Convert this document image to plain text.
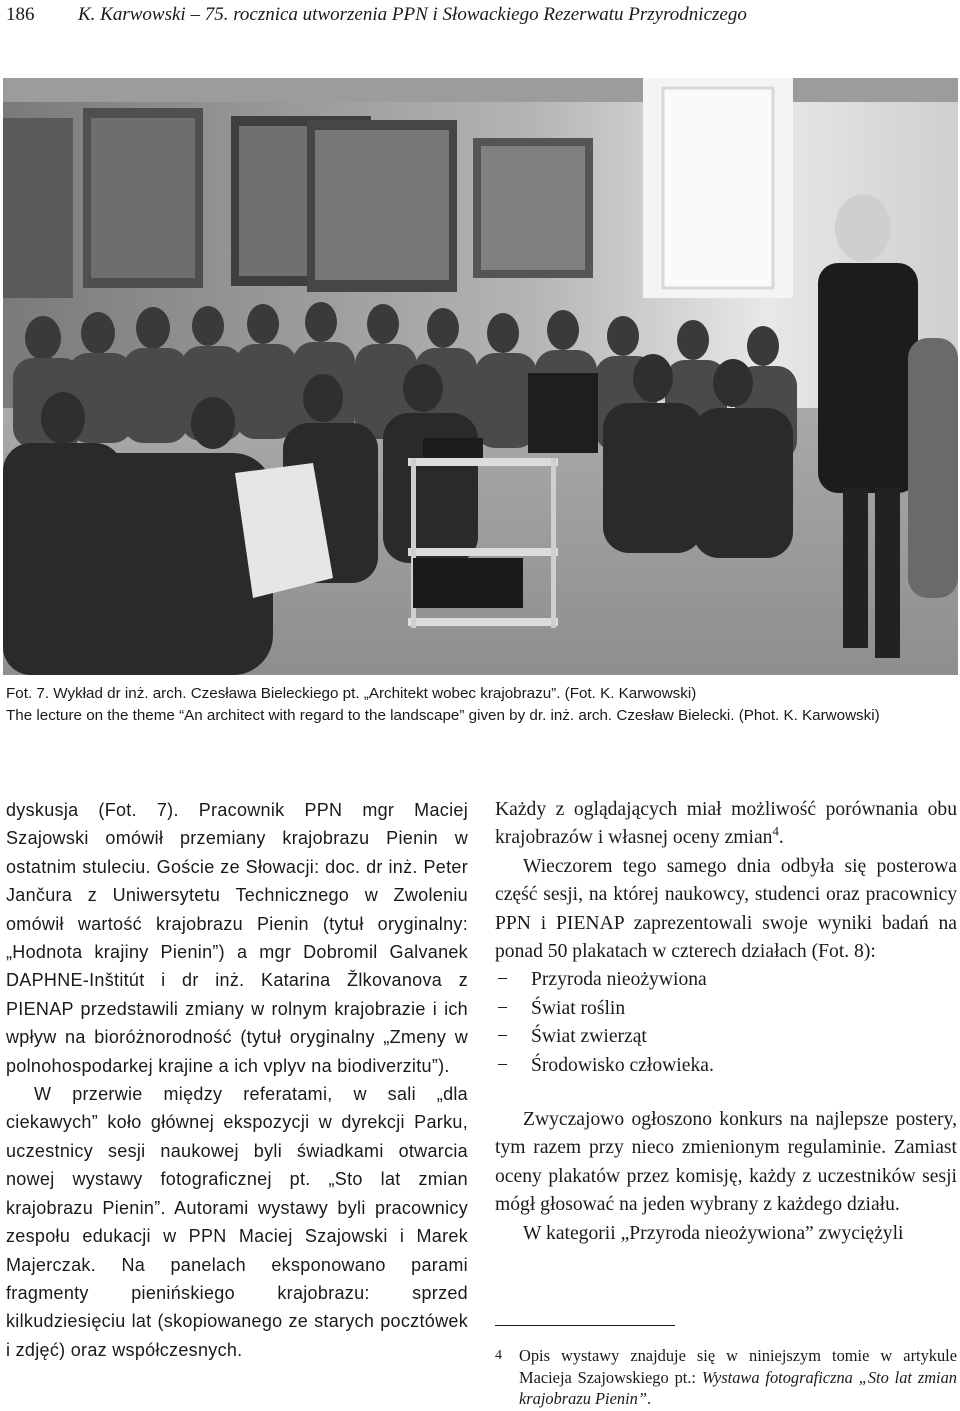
186 K. Karwowski – 75. rocznica utworzenia PPN i Słowackiego Rezerwatu Przyrodniczego

Fot. 7. Wykład dr inż. arch. Czesława Bieleckiego pt. „Architekt wobec krajobrazu”. (Fot. K. Karwowski)

The lecture on the theme “An architect with regard to the landscape” given by dr. inż. arch. Czesław Bielecki. (Phot. K. Karwowski)

dyskusja (Fot. 7). Pracownik PPN mgr Maciej Szajowski omówił przemiany krajobrazu Pienin w ostatnim stuleciu. Goście ze Słowacji: doc. dr inż. Peter Jančura z Uniwersytetu Technicznego w Zwoleniu omówił wartość krajobrazu Pienin (tytuł oryginalny: „Hodnota krajiny Pienin”) a mgr Dobromil Galvanek DAPHNE-Inštitút i dr inż. Katarina Žlkovanova z PIENAP przedstawili zmiany w rolnym krajobrazie i ich wpływ na bioróżnorodność (tytuł oryginalny „Zmeny w polnohospodarkej krajine a ich vplyv na biodiverzitu”).

W przerwie między referatami, w sali „dla ciekawych” koło głównej ekspozycji w dyrekcji Parku, uczestnicy sesji naukowej byli świadkami otwarcia nowej wystawy fotograficznej pt. „Sto lat zmian krajobrazu Pienin”. Autorami wystawy byli pracownicy zespołu edukacji w PPN Maciej Szajowski i Marek Majerczak. Na panelach eksponowano parami fragmenty pienińskiego krajobrazu: sprzed kilkudziesięciu lat (skopiowanego ze starych pocztówek i zdjęć) oraz współczesnych.

Każdy z oglądających miał możliwość porównania obu krajobrazów i własnej oceny zmian$^4$.

Wieczorem tego samego dnia odbyła się posterowa część sesji, na której naukowcy, studenci oraz pracownicy PPN i PIENAP zaprezentowali swoje wyniki badań na ponad 50 plakatach w czterech działach (Fot. 8):

− Przyroda nieożywiona
− Świat roślin
− Świat zwierząt
− Środowisko człowieka.

Zwyczajowo ogłoszono konkurs na najlepsze postery, tym razem przy nieco zmienionym regulaminie. Zamiast oceny plakatów przez komisję, każdy z uczestników sesji mógł głosować na jeden wybrany z każdego działu.

W kategorii „Przyroda nieożywiona” zwyciężyli

4	Opis wystawy znajduje się w niniejszym tomie w artykule Macieja Szajowskiego pt.: Wystawa fotograficzna „Sto lat zmian krajobrazu Pienin”.
